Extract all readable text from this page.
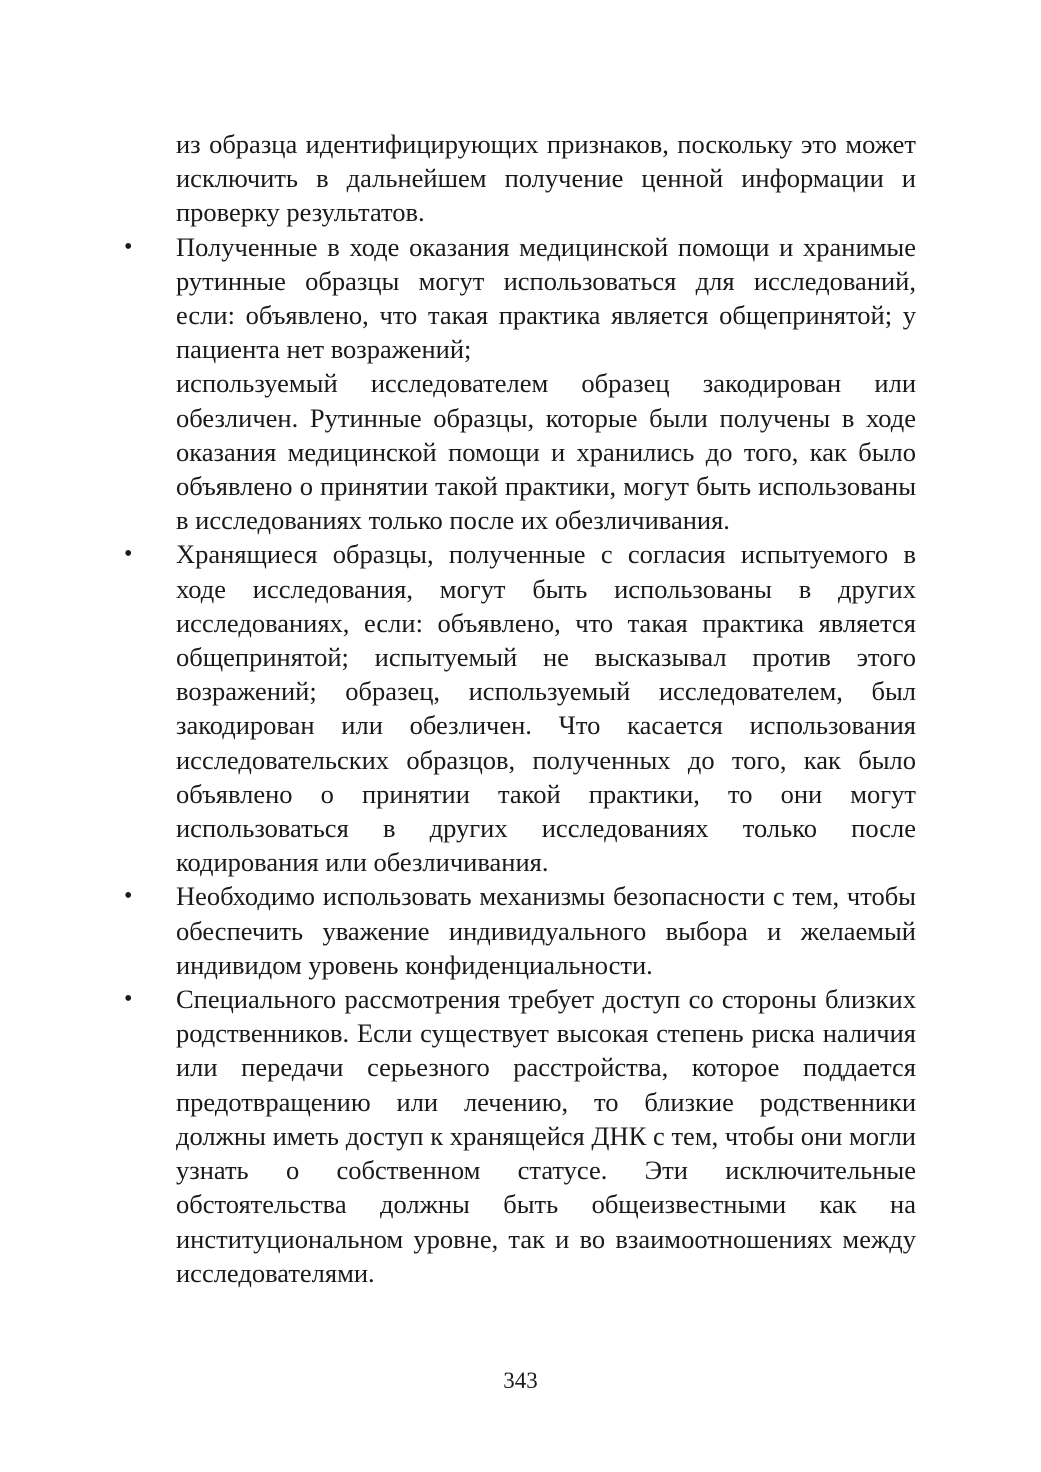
из образца идентифицирующих признаков, поскольку это может исключить в дальнейшем получение ценной информации и проверку результатов.

• Полученные в ходе оказания медицинской помощи и хранимые рутинные образцы могут использоваться для исследований, если: объявлено, что такая практика является общепринятой; у пациента нет возражений;

используемый исследователем образец закодирован или обезличен. Рутинные образцы, которые были получены в ходе оказания медицинской помощи и хранились до того, как было объявлено о принятии такой практики, могут быть использованы в исследованиях только после их обезличивания.

• Хранящиеся образцы, полученные с согласия испытуемого в ходе исследования, могут быть использованы в других исследованиях, если: объявлено, что такая практика является общепринятой; испытуемый не высказывал против этого возражений; образец, используемый исследователем, был закодирован или обезличен. Что касается использования исследовательских образцов, полученных до того, как было объявлено о принятии такой практики, то они могут использоваться в других исследованиях только после кодирования или обезличивания.

• Необходимо использовать механизмы безопасности с тем, чтобы обеспечить уважение индивидуального выбора и желаемый индивидом уровень конфиденциальности.

• Специального рассмотрения требует доступ со стороны близких родственников. Если существует высокая степень риска наличия или передачи серьезного расстройства, которое поддается предотвращению или лечению, то близкие родственники должны иметь доступ к хранящейся ДНК с тем, чтобы они могли узнать о собственном статусе. Эти исключительные обстоятельства должны быть общеизвестными как на институциональном уровне, так и во взаимоотношениях между исследователями.

343
